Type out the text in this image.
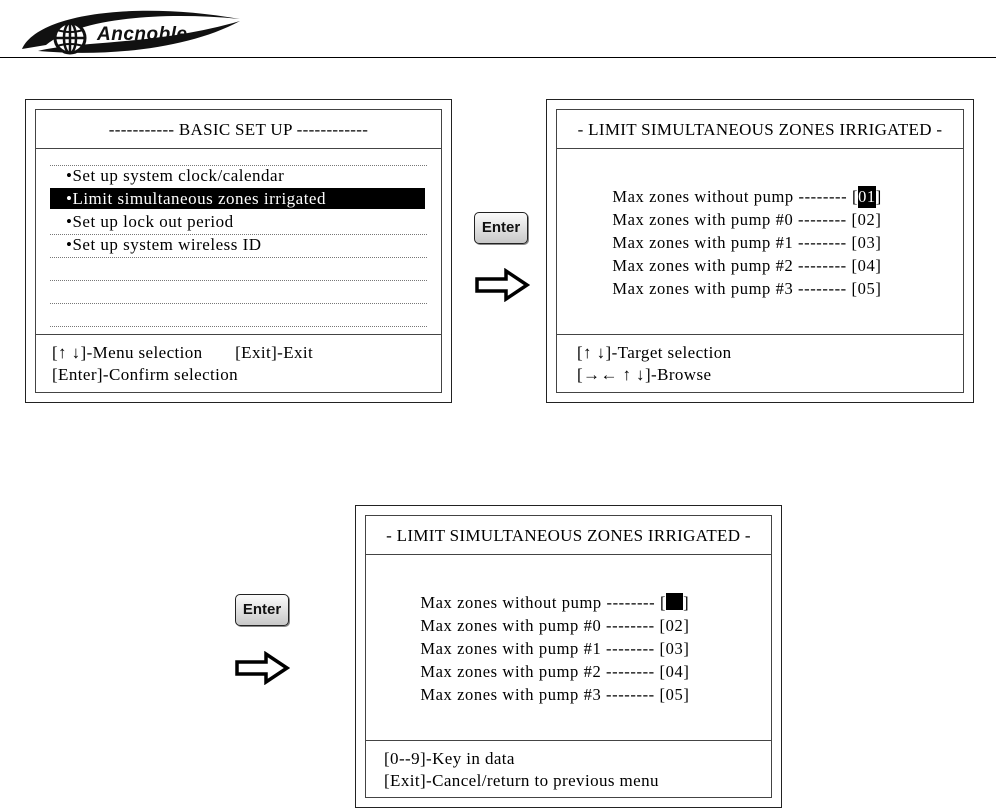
Ancnoble
----------- BASIC SET UP ------------
•Set up system clock/calendar
•Limit simultaneous zones irrigated
•Set up lock out period
•Set up system wireless ID
[↑ ↓]-Menu selection       [Exit]-Exit
[Enter]-Confirm selection
Enter
- LIMIT SIMULTANEOUS ZONES IRRIGATED -

Max zones without pump -------- [01]

Max zones with pump #0 -------- [02]

Max zones with pump #1 -------- [03]

Max zones with pump #2 -------- [04]

Max zones with pump #3 -------- [05]

[↑ ↓]-Target selection
[→← ↑ ↓]-Browse
Enter
- LIMIT SIMULTANEOUS ZONES IRRIGATED -

Max zones without pump -------- [ ]

Max zones with pump #0 -------- [02]

Max zones with pump #1 -------- [03]

Max zones with pump #2 -------- [04]

Max zones with pump #3 -------- [05]

[0--9]-Key in data
[Exit]-Cancel/return to previous menu
